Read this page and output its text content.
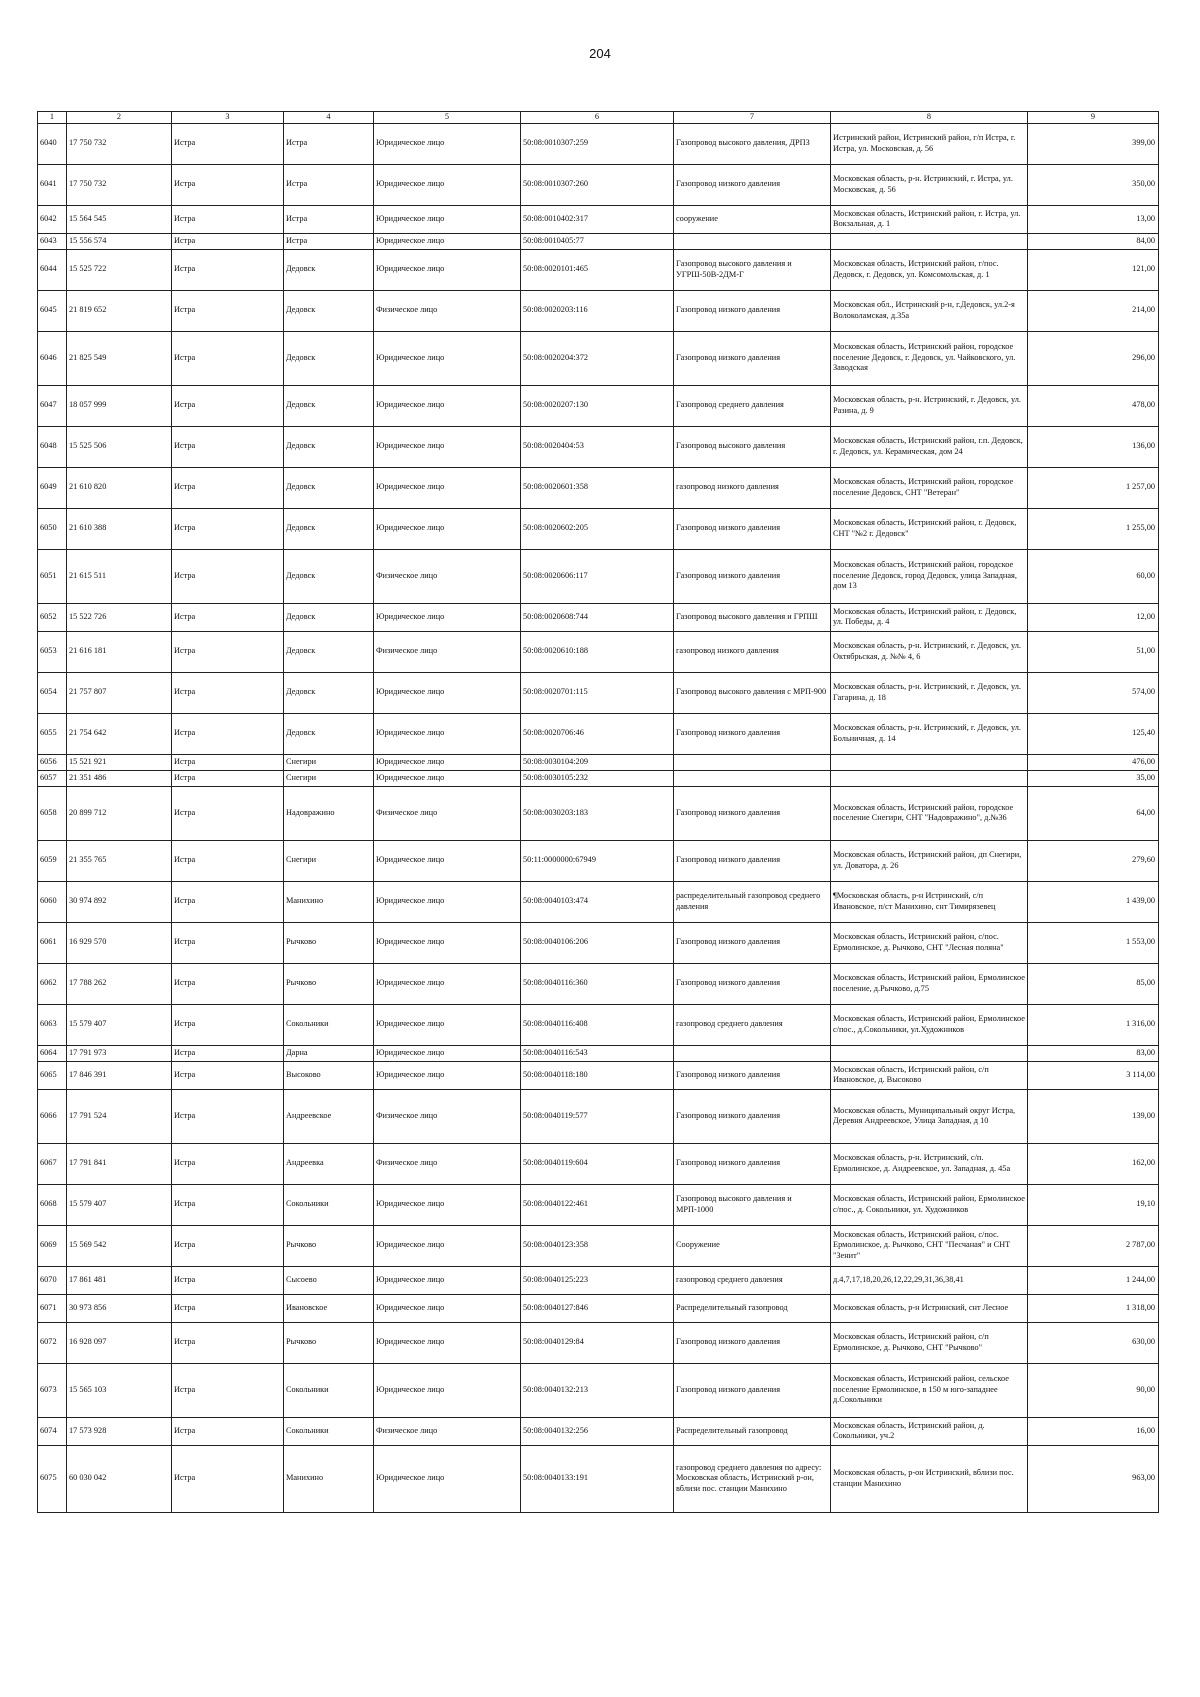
204
1	2	3	4	5	6	7	8	9
6040	17 750 732	Истра	Истра	Юридическое лицо	50:08:0010307:259	Газопровод высокого давления, ДРПЗ	Истринский район, Истринский район, г/п Истра, г. Истра, ул. Московская, д. 56	399,00
6041	17 750 732	Истра	Истра	Юридическое лицо	50:08:0010307:260	Газопровод низкого давления	Московская область, р-н. Истринский, г. Истра, ул. Московская, д. 56	350,00
6042	15 564 545	Истра	Истра	Юридическое лицо	50:08:0010402:317	сооружение	Московская область, Истринский район, г. Истра, ул. Вокзальная, д. 1	13,00
6043	15 556 574	Истра	Истра	Юридическое лицо	50:08:0010405:77			84,00
6044	15 525 722	Истра	Дедовск	Юридическое лицо	50:08:0020101:465	Газопровод высокого давления и УГРШ-50В-2ДМ-Г	Московская область, Истринский район, г/пос. Дедовск, г. Дедовск, ул. Комсомольская, д. 1	121,00
6045	21 819 652	Истра	Дедовск	Физическое лицо	50:08:0020203:116	Газопровод низкого давления	Московская обл., Истринский р-н, г.Дедовск, ул.2-я Волоколамская, д.35а	214,00
6046	21 825 549	Истра	Дедовск	Юридическое лицо	50:08:0020204:372	Газопровод низкого давления	Московская область, Истринский район, городское поселение Дедовск, г. Дедовск, ул. Чайковского, ул. Заводская	296,00
6047	18 057 999	Истра	Дедовск	Юридическое лицо	50:08:0020207:130	Газопровод среднего давления	Московская область, р-н. Истринский, г. Дедовск, ул. Разина, д. 9	478,00
6048	15 525 506	Истра	Дедовск	Юридическое лицо	50:08:0020404:53	Газопровод высокого давления	Московская область, Истринский район, г.п. Дедовск, г. Дедовск, ул. Керамическая, дом 24	136,00
6049	21 610 820	Истра	Дедовск	Юридическое лицо	50:08:0020601:358	газопровод низкого давления	Московская область, Истринский район, городское поселение Дедовск, СНТ "Ветеран"	1 257,00
6050	21 610 388	Истра	Дедовск	Юридическое лицо	50:08:0020602:205	Газопровод низкого давления	Московская область, Истринский район, г. Дедовск, СНТ "№2 г. Дедовск"	1 255,00
6051	21 615 511	Истра	Дедовск	Физическое лицо	50:08:0020606:117	Газопровод низкого давления	Московская область, Истринский район, городское поселение Дедовск, город Дедовск, улица Западная, дом 13	60,00
6052	15 522 726	Истра	Дедовск	Юридическое лицо	50:08:0020608:744	Газопровод высокого давления и ГРПШ	Московская область, Истринский район, г. Дедовск, ул. Победы, д. 4	12,00
6053	21 616 181	Истра	Дедовск	Физическое лицо	50:08:0020610:188	газопровод низкого давления	Московская область, р-н. Истринский, г. Дедовск, ул. Октябрьская, д. №№ 4, 6	51,00
6054	21 757 807	Истра	Дедовск	Юридическое лицо	50:08:0020701:115	Газопровод высокого давления с МРП-900	Московская область, р-н. Истринский, г. Дедовск, ул. Гагарина, д. 18	574,00
6055	21 754 642	Истра	Дедовск	Юридическое лицо	50:08:0020706:46	Газопровод низкого давления	Московская область, р-н. Истринский, г. Дедовск, ул. Больничная, д. 14	125,40
6056	15 521 921	Истра	Снегири	Юридическое лицо	50:08:0030104:209			476,00
6057	21 351 486	Истра	Снегири	Юридическое лицо	50:08:0030105:232			35,00
6058	20 899 712	Истра	Надовражино	Физическое лицо	50:08:0030203:183	Газопровод низкого давления	Московская область, Истринский район, городское поселение Снегири, СНТ "Надовражино", д.№36	64,00
6059	21 355 765	Истра	Снегири	Юридическое лицо	50:11:0000000:67949	Газопровод низкого давления	Московская область, Истринский район, дп Снегири, ул. Доватора, д. 26	279,60
6060	30 974 892	Истра	Манихино	Юридическое лицо	50:08:0040103:474	распределительный газопровод среднего давления	¶Московская область, р-н Истринский, с/п Ивановское, п/ст Манихино, снт Тимирязевец	1 439,00
6061	16 929 570	Истра	Рычково	Юридическое лицо	50:08:0040106:206	Газопровод низкого давления	Московская область, Истринский район, с/пос. Ермолинское, д. Рычково, СНТ "Лесная поляна"	1 553,00
6062	17 788 262	Истра	Рычково	Юридическое лицо	50:08:0040116:360	Газопровод низкого давления	Московская область, Истринский район, Ермолинское поселение, д.Рычково, д.75	85,00
6063	15 579 407	Истра	Сокольники	Юридическое лицо	50:08:0040116:408	газопровод среднего давления	Московская область, Истринский район, Ермолинское с/пос., д.Сокольники, ул.Художников	1 316,00
6064	17 791 973	Истра	Дарна	Юридическое лицо	50:08:0040116:543			83,00
6065	17 846 391	Истра	Высоково	Юридическое лицо	50:08:0040118:180	Газопровод низкого давления	Московская область, Истринский район, с/п Ивановское, д. Высоково	3 114,00
6066	17 791 524	Истра	Андреевское	Физическое лицо	50:08:0040119:577	Газопровод низкого давления	Московская область, Муниципальный округ Истра, Деревня Андреевское, Улица Западная, д 10	139,00
6067	17 791 841	Истра	Андреевка	Физическое лицо	50:08:0040119:604	Газопровод низкого давления	Московская область, р-н. Истринский, с/п. Ермолинское, д. Андреевское, ул. Западная, д. 45а	162,00
6068	15 579 407	Истра	Сокольники	Юридическое лицо	50:08:0040122:461	Газопровод высокого давления и МРП-1000	Московская область, Истринский район, Ермолинское с/пос., д. Сокольники, ул. Художников	19,10
6069	15 569 542	Истра	Рычково	Юридическое лицо	50:08:0040123:358	Сооружение	Московская область, Истринский район, с/пос. Ермолинское, д. Рычково, СНТ "Песчаная" и СНТ "Зенит"	2 787,00
6070	17 861 481	Истра	Сысоево	Юридическое лицо	50:08:0040125:223	газопровод среднего давления	д.4,7,17,18,20,26,12,22,29,31,36,38,41	1 244,00
6071	30 973 856	Истра	Ивановское	Юридическое лицо	50:08:0040127:846	Распределительный газопровод	Московская область, р-н Истринский, снт Лесное	1 318,00
6072	16 928 097	Истра	Рычково	Юридическое лицо	50:08:0040129:84	Газопровод низкого давления	Московская область, Истринский район, с/п Ермолинское, д. Рычково, СНТ "Рычково"	630,00
6073	15 565 103	Истра	Сокольники	Юридическое лицо	50:08:0040132:213	Газопровод низкого давления	Московская область, Истринский район, сельское поселение Ермолинское, в 150 м юго-западнее д.Сокольники	90,00
6074	17 573 928	Истра	Сокольники	Физическое лицо	50:08:0040132:256	Распределительный газопровод	Московская область, Истринский район, д. Сокольники, уч.2	16,00
6075	60 030 042	Истра	Манихино	Юридическое лицо	50:08:0040133:191	газопровод среднего давления по адресу: Московская область, Истринский р-он, вблизи пос. станции Манихино	Московская область, р-он Истринский, вблизи пос. станции Манихино	963,00
